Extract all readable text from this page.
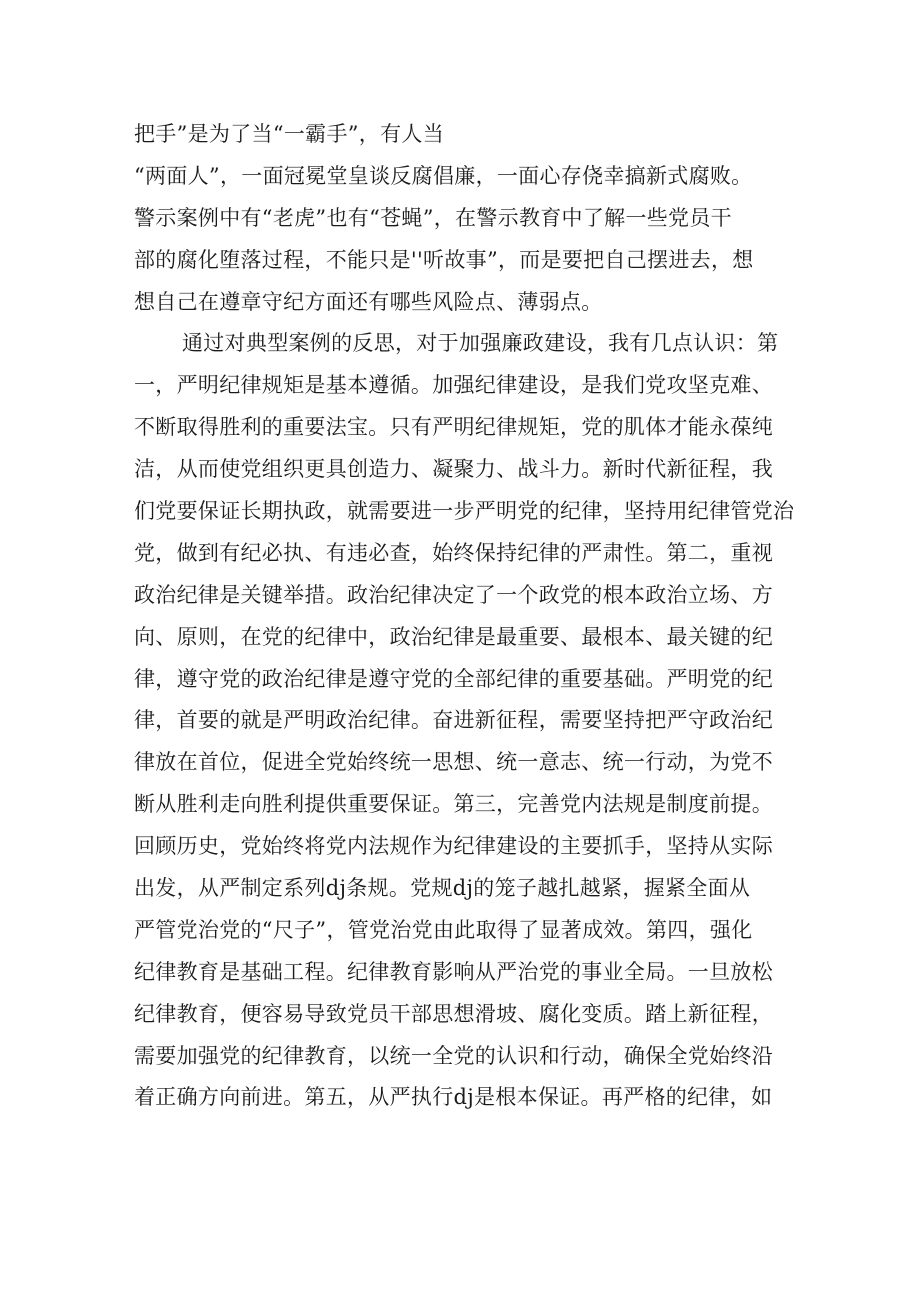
把手”是为了当“一霸手”，有人当
“两面人”，一面冠冕堂皇谈反腐倡廉，一面心存侥幸搞新式腐败。
警示案例中有“老虎”也有“苍蝇”，在警示教育中了解一些党员干
部的腐化堕落过程，不能只是''听故事”，而是要把自己摆进去，想
想自己在遵章守纪方面还有哪些风险点、薄弱点。
通过对典型案例的反思，对于加强廉政建设，我有几点认识：第
一，严明纪律规矩是基本遵循。加强纪律建设，是我们党攻坚克难、
不断取得胜利的重要法宝。只有严明纪律规矩，党的肌体才能永葆纯
洁，从而使党组织更具创造力、凝聚力、战斗力。新时代新征程，我
们党要保证长期执政，就需要进一步严明党的纪律，坚持用纪律管党治
党，做到有纪必执、有违必查，始终保持纪律的严肃性。第二，重视
政治纪律是关键举措。政治纪律决定了一个政党的根本政治立场、方
向、原则，在党的纪律中，政治纪律是最重要、最根本、最关键的纪
律，遵守党的政治纪律是遵守党的全部纪律的重要基础。严明党的纪
律，首要的就是严明政治纪律。奋进新征程，需要坚持把严守政治纪
律放在首位，促进全党始终统一思想、统一意志、统一行动，为党不
断从胜利走向胜利提供重要保证。第三，完善党内法规是制度前提。
回顾历史，党始终将党内法规作为纪律建设的主要抓手，坚持从实际
出发，从严制定系列dj条规。党规dj的笼子越扎越紧，握紧全面从
严管党治党的“尺子”，管党治党由此取得了显著成效。第四，强化
纪律教育是基础工程。纪律教育影响从严治党的事业全局。一旦放松
纪律教育，便容易导致党员干部思想滑坡、腐化变质。踏上新征程，
需要加强党的纪律教育，以统一全党的认识和行动，确保全党始终沿
着正确方向前进。第五，从严执行dj是根本保证。再严格的纪律，如
